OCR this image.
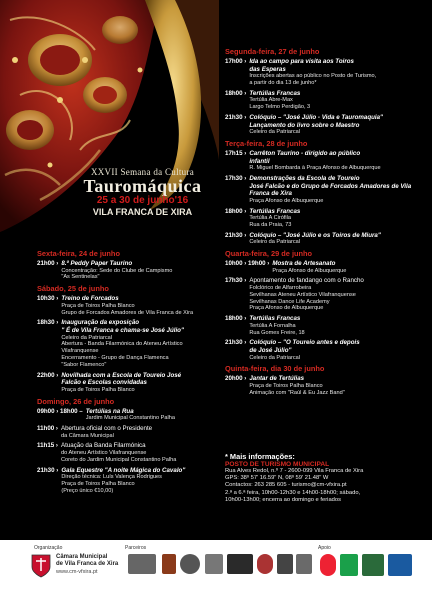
XXVII Semana da Cultura
Tauromáquica
25 a 30 de junho'16
VILA FRANCA DE XIRA
Sexta-feira, 24 de junho
21h00 › 8.º Peddy Paper Taurino
Concentração: Sede do Clube de Campismo
"As Sentinelas"
Sábado, 25 de junho
10h30 › Treino de Forcados
Praça de Toiros Palha Blanco
Grupo de Forcados Amadores de Vila Franca de Xira
18h30 › Inauguração da exposição
" É de Vila Franca e chama-se José Júlio"
Celeiro da Patriarcal
Abertura - Banda Filarmónica do Ateneu Artístico
Vilafranquense
Encerramento - Grupo de Dança Flamenca
"Sabor Flamenco"
22h00 › Novilhada com a Escola de Toureio José
Falcão e Escolas convidadas
Praça de Toiros Palha Blanco
Domingo, 26 de junho
09h00 › 18h00 – Tertúlias na Rua
Jardim Municipal Constantino Palha
11h00 › Abertura oficial com o Presidente
da Câmara Municipal
11h15 › Atuação da Banda Filarmónica
do Ateneu Artístico Vilafranquense
Coreto do Jardim Municipal Constantino Palha
21h30 › Gala Equestre "A noite Mágica do Cavalo"
Direção técnica: Luís Valença Rodrigues
Praça de Toiros Palha Blanco
(Preço único €10,00)
Segunda-feira, 27 de junho
17h00 › Ida ao campo para visita aos Toiros
das Esperas
Inscrições abertas ao público no Posto de Turismo,
a partir do dia 13 de junho*
18h00 › Tertúlias Francas
Tertúlia Abre-Max
Largo Telmo Perdigão, 3
21h30 › Colóquio – "José Júlio - Vida e Tauromaquia"
Lançamento do livro sobre o Maestro
Celeiro da Patriarcal
Terça-feira, 28 de junho
17h15 › Carrêton Taurino - dirigido ao público
infantil
R. Miguel Bombarda à Praça Afonso de Albuquerque
17h30 › Demonstrações da Escola de Toureio
José Falcão e do Grupo de Forcados Amadores de Vila Franca de Xira
Praça Afonso de Albuquerque
18h00 › Tertúlias Francas
Tertúlia A Cirófila
Rua da Praia, 73
21h30 › Colóquio – "José Júlio e os Toiros de Miura"
Celeiro da Patriarcal
Quarta-feira, 29 de junho
10h00 › 19h00 › Mostra de Artesanato
Praça Afonso de Albuquerque
17h30 › Apontamento de fandango com o Rancho
Folclórico de Alfarrobeira
Sevilhanas Ateneu Artístico Vilafranquense
Sevilhanas Dance Life Academy
Praça Afonso de Albuquerque
18h00 › Tertúlias Francas
Tertúlia A Fornalha
Rua Gomes Freire, 18
21h30 › Colóquio – "O Toureio antes e depois
de José Júlio"
Celeiro da Patriarcal
Quinta-feira, dia 30 de junho
20h00 › Jantar de Tertúlias
Praça de Toiros Palha Blanco
Animação com "Raúl & Eu Jazz Band"
* Mais informações:
POSTO DE TURISMO MUNICIPAL
Rua Alves Redol, n.º 7 - 2600-099 Vila Franca de Xira
GPS: 38º 57' 16.59" N, 08º 59' 21.48" W
Contactos: 263 285 605 - turismo@cm-vfxira.pt
2.ª a 6.ª feira, 10h00-12h30 e 14h00-18h00; sábado,
10h00-13h00; encerra ao domingo e feriados
Organização
Câmara Municipal
de Vila Franca de Xira
www.cm-vfxira.pt
Parceiros	Apoio
